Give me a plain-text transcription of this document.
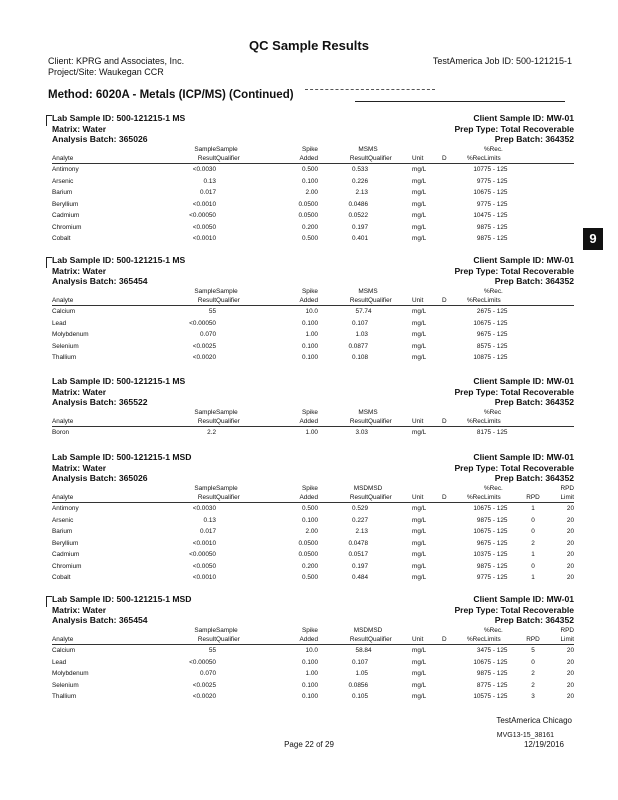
QC Sample Results
Client: KPRG and Associates, Inc.
Project/Site: Waukegan CCR
TestAmerica Job ID: 500-121215-1
Method: 6020A - Metals (ICP/MS) (Continued)
9
Lab Sample ID: 500-121215-1 MS
Matrix: Water
Analysis Batch: 365026
Client Sample ID: MW-01
Prep Type: Total Recoverable
Prep Batch: 364352
	Sample	Sample	Spike	MS	MS				%Rec.		
Analyte	Result	Qualifier	Added	Result	Qualifier	Unit	D	%Rec	Limits		
Antimony	<0.0030		0.500	0.533		mg/L		107	75 - 125		
Arsenic	0.13		0.100	0.226		mg/L		97	75 - 125		
Barium	0.017		2.00	2.13		mg/L		106	75 - 125		
Beryllium	<0.0010		0.0500	0.0486		mg/L		97	75 - 125		
Cadmium	<0.00050		0.0500	0.0522		mg/L		104	75 - 125		
Chromium	<0.0050		0.200	0.197		mg/L		98	75 - 125		
Cobalt	<0.0010		0.500	0.401		mg/L		98	75 - 125		
Lab Sample ID: 500-121215-1 MS
Matrix: Water
Analysis Batch: 365454
Client Sample ID: MW-01
Prep Type: Total Recoverable
Prep Batch: 364352
	Sample	Sample	Spike	MS	MS				%Rec.		
Analyte	Result	Qualifier	Added	Result	Qualifier	Unit	D	%Rec	Limits		
Calcium	55		10.0	57.7	4	mg/L		26	75 - 125		
Lead	<0.00050		0.100	0.107		mg/L		106	75 - 125		
Molybdenum	0.070		1.00	1.03		mg/L		96	75 - 125		
Selenium	<0.0025		0.100	0.0877		mg/L		85	75 - 125		
Thallium	<0.0020		0.100	0.108		mg/L		108	75 - 125		
Lab Sample ID: 500-121215-1 MS
Matrix: Water
Analysis Batch: 365522
Client Sample ID: MW-01
Prep Type: Total Recoverable
Prep Batch: 364352
	Sample	Sample	Spike	MS	MS				%Rec		
Analyte	Result	Qualifier	Added	Result	Qualifier	Unit	D	%Rec	Limits		
Boron	2.2		1.00	3.03		mg/L		81	75 - 125		
Lab Sample ID: 500-121215-1 MSD
Matrix: Water
Analysis Batch: 365026
Client Sample ID: MW-01
Prep Type: Total Recoverable
Prep Batch: 364352
	Sample	Sample	Spike	MSD	MSD				%Rec.		RPD
Analyte	Result	Qualifier	Added	Result	Qualifier	Unit	D	%Rec	Limits	RPD	Limit
Antimony	<0.0030		0.500	0.529		mg/L		106	75 - 125	1	20
Arsenic	0.13		0.100	0.227		mg/L		98	75 - 125	0	20
Barium	0.017		2.00	2.13		mg/L		106	75 - 125	0	20
Beryllium	<0.0010		0.0500	0.0478		mg/L		96	75 - 125	2	20
Cadmium	<0.00050		0.0500	0.0517		mg/L		103	75 - 125	1	20
Chromium	<0.0050		0.200	0.197		mg/L		98	75 - 125	0	20
Cobalt	<0.0010		0.500	0.484		mg/L		97	75 - 125	1	20
Lab Sample ID: 500-121215-1 MSD
Matrix: Water
Analysis Batch: 365454
Client Sample ID: MW-01
Prep Type: Total Recoverable
Prep Batch: 364352
	Sample	Sample	Spike	MSD	MSD				%Rec.		RPD
Analyte	Result	Qualifier	Added	Result	Qualifier	Unit	D	%Rec	Limits	RPD	Limit
Calcium	55		10.0	58.8	4	mg/L		34	75 - 125	5	20
Lead	<0.00050		0.100	0.107		mg/L		106	75 - 125	0	20
Molybdenum	0.070		1.00	1.05		mg/L		98	75 - 125	2	20
Selenium	<0.0025		0.100	0.0856		mg/L		87	75 - 125	2	20
Thallium	<0.0020		0.100	0.105		mg/L		105	75 - 125	3	20
TestAmerica Chicago
MVG13-15_38161
Page 22 of 29	12/19/2016
